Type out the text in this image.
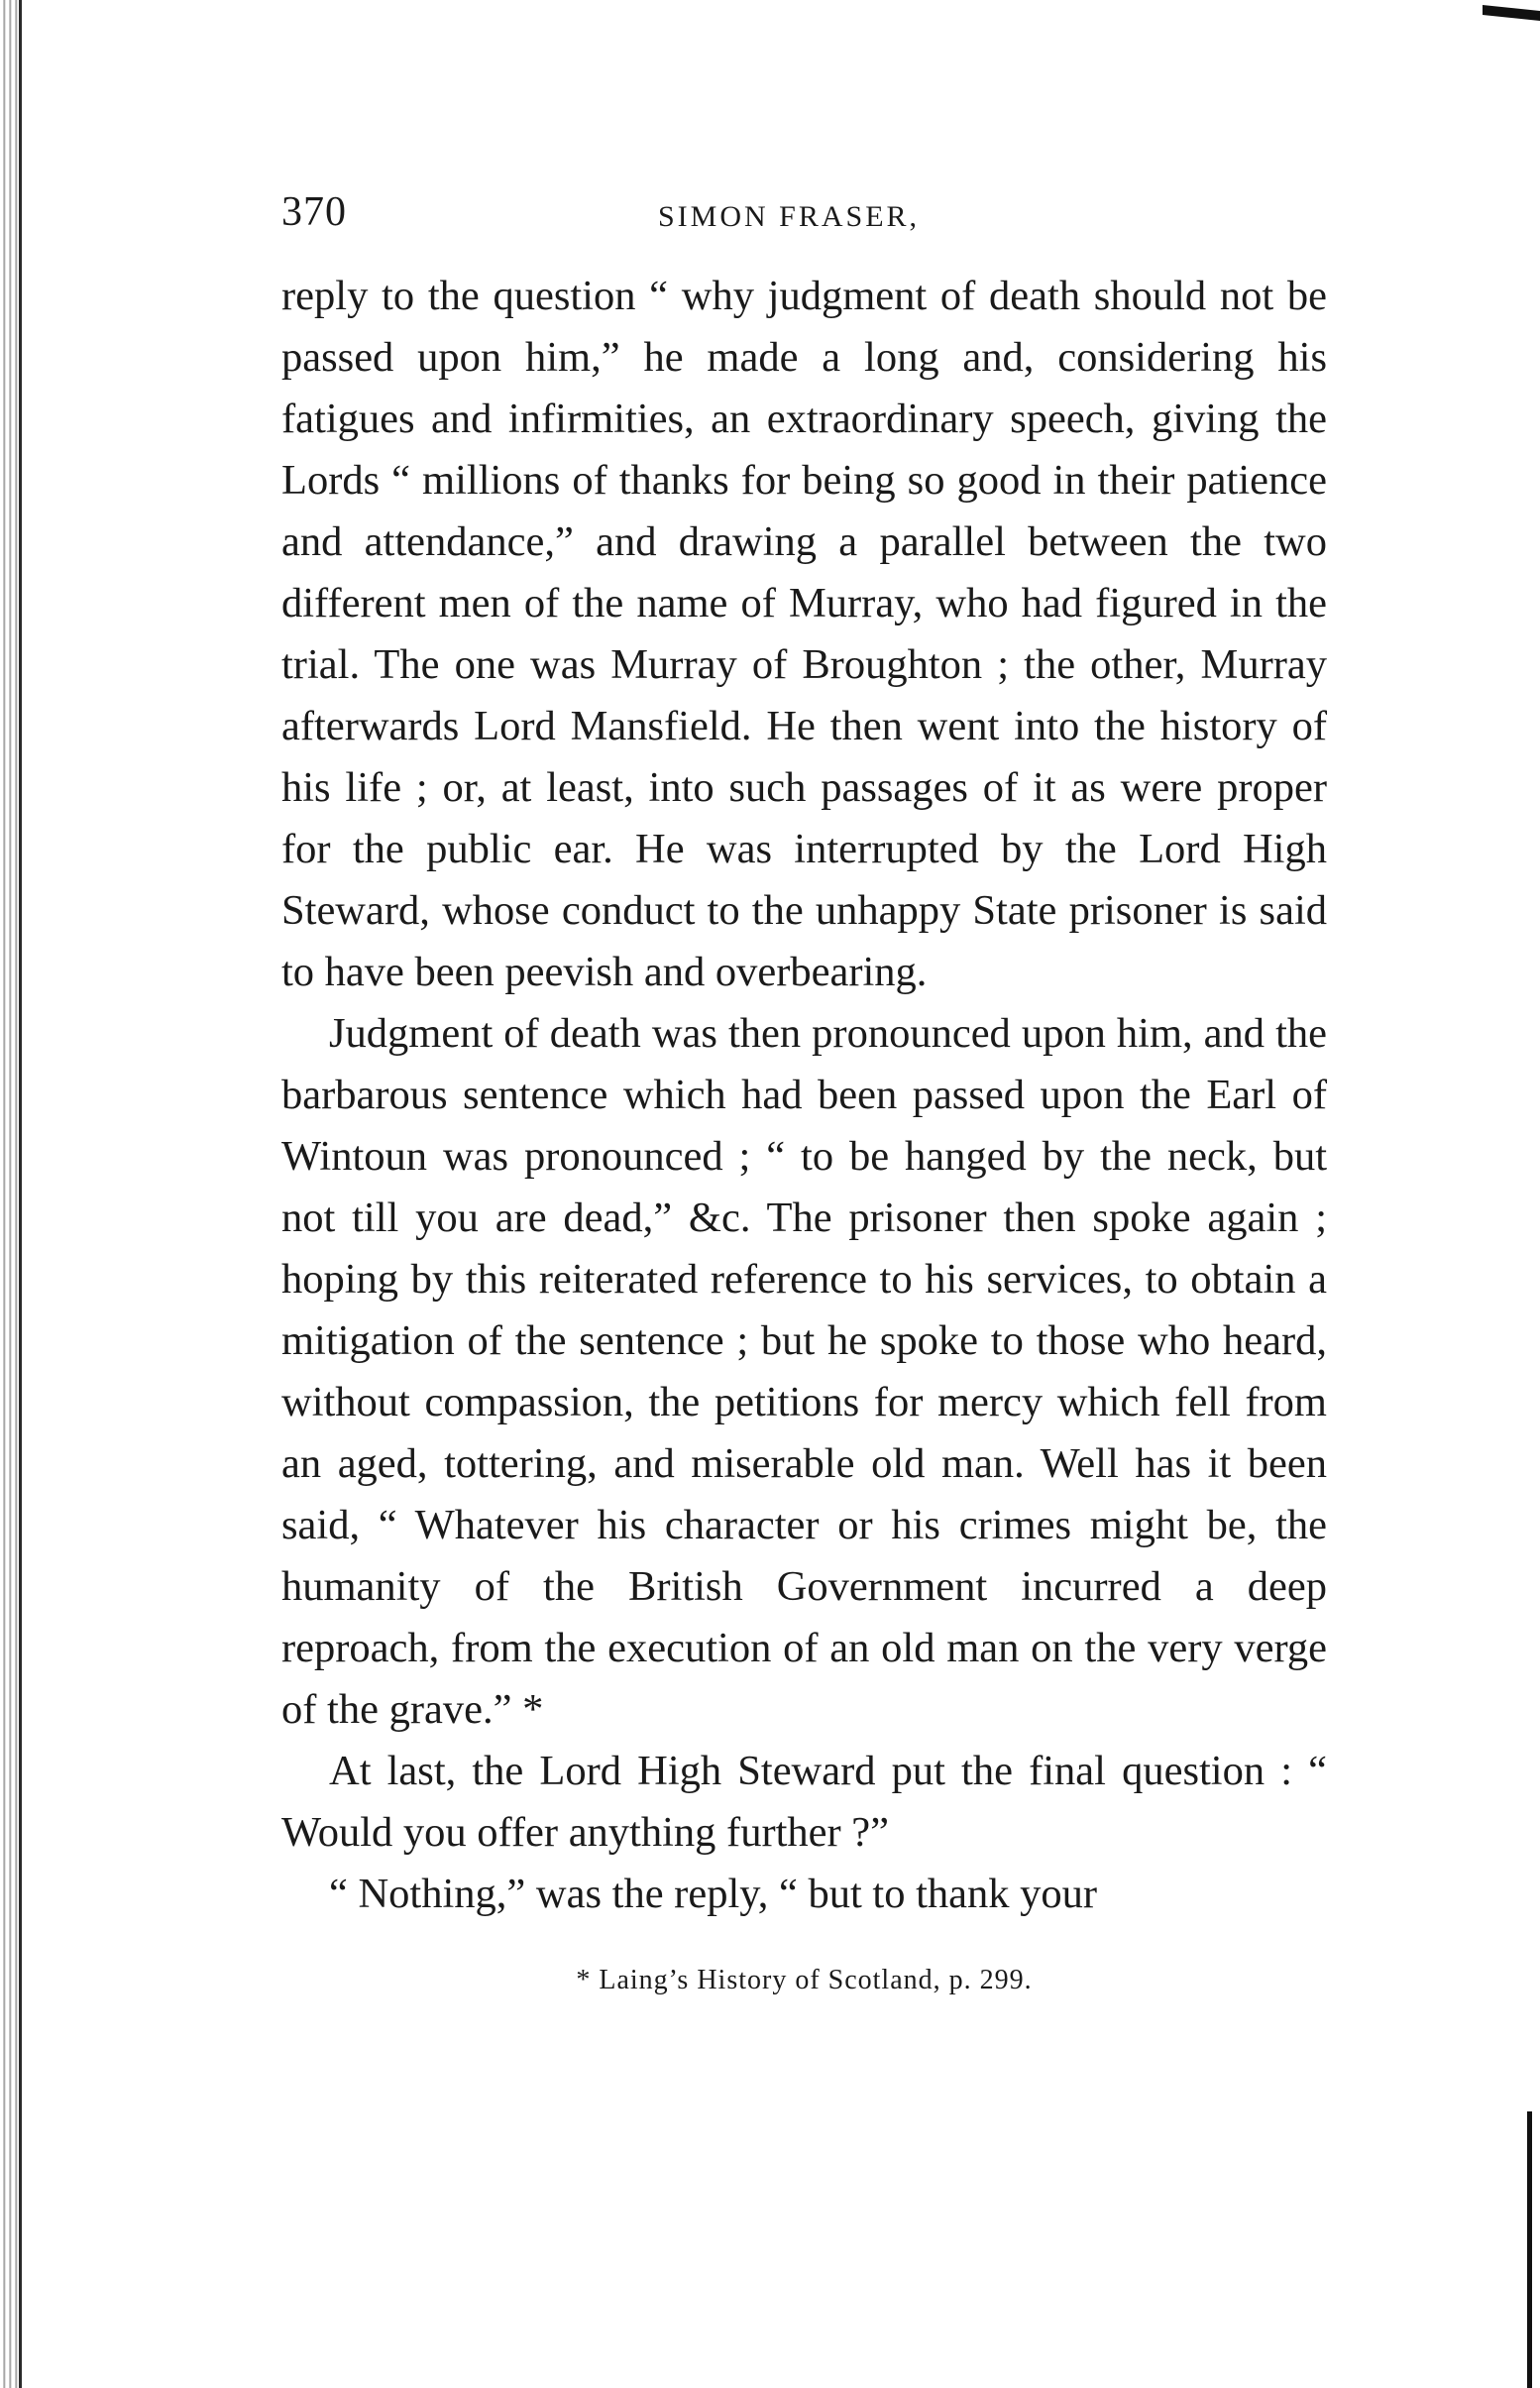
370	SIMON FRASER,

reply to the question “ why judgment of death should not be passed upon him,” he made a long and, considering his fatigues and infirmities, an extraordinary speech, giving the Lords “ millions of thanks for being so good in their patience and attendance,” and drawing a parallel between the two different men of the name of Murray, who had figured in the trial. The one was Murray of Broughton ; the other, Murray afterwards Lord Mansfield. He then went into the history of his life ; or, at least, into such passages of it as were proper for the public ear. He was interrupted by the Lord High Steward, whose conduct to the unhappy State prisoner is said to have been peevish and overbearing.

Judgment of death was then pronounced upon him, and the barbarous sentence which had been passed upon the Earl of Wintoun was pronounced ; “ to be hanged by the neck, but not till you are dead,” &c. The prisoner then spoke again ; hoping by this reiterated reference to his services, to obtain a mitigation of the sentence ; but he spoke to those who heard, without compassion, the petitions for mercy which fell from an aged, tottering, and miserable old man. Well has it been said, “ Whatever his character or his crimes might be, the humanity of the British Government incurred a deep reproach, from the execution of an old man on the very verge of the grave.” *

At last, the Lord High Steward put the final question : “ Would you offer anything further ?”

“ Nothing,” was the reply, “ but to thank your

* Laing’s History of Scotland, p. 299.
